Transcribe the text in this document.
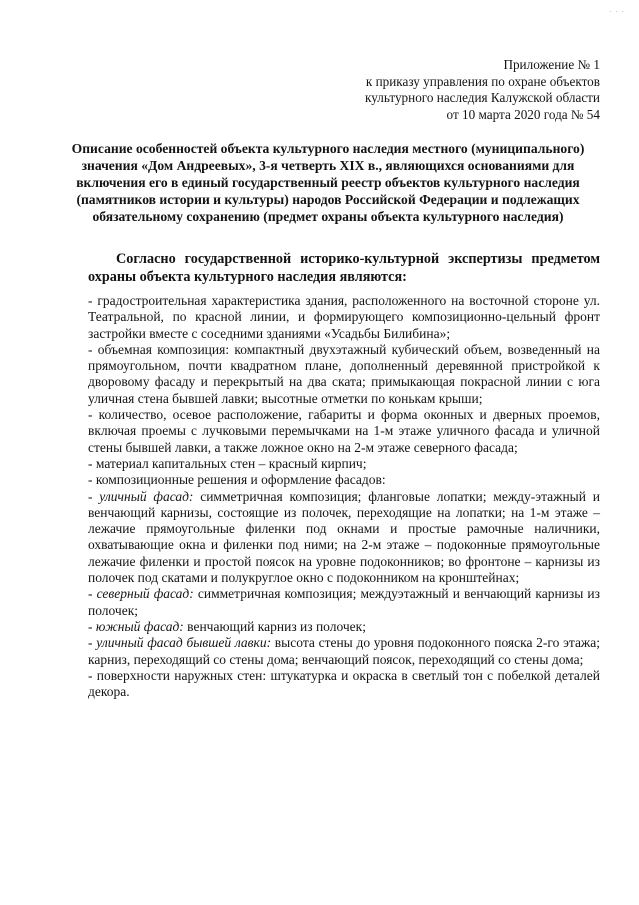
· · ·
Приложение № 1
к приказу управления по охране объектов
культурного наследия Калужской области
от 10 марта 2020 года № 54
Описание особенностей объекта культурного наследия местного (муниципального) значения «Дом Андреевых», 3-я четверть XIX в., являющихся основаниями для включения его в единый государственный реестр объектов культурного наследия (памятников истории и культуры) народов Российской Федерации и подлежащих обязательному сохранению (предмет охраны объекта культурного наследия)
Согласно государственной историко-культурной экспертизы предметом охраны объекта культурного наследия являются:

- градостроительная характеристика здания, расположенного на восточной стороне ул. Театральной, по красной линии, и формирующего композиционно-цельный фронт застройки вместе с соседними зданиями «Усадьбы Билибина»;

- объемная композиция: компактный двухэтажный кубический объем, возведенный на прямоугольном, почти квадратном плане, дополненный деревянной пристройкой к дворовому фасаду и перекрытый на два ската; примыкающая покрасной линии с юга уличная стена бывшей лавки; высотные отметки по конькам крыши;

- количество, осевое расположение, габариты и форма оконных и дверных проемов, включая проемы с лучковыми перемычками на 1-м этаже уличного фасада и уличной стены бывшей лавки, а также ложное окно на 2-м этаже северного фасада;

- материал капитальных стен – красный кирпич;

- композиционные решения и оформление фасадов:

- уличный фасад: симметричная композиция; фланговые лопатки; между-этажный и венчающий карнизы, состоящие из полочек, переходящие на лопатки; на 1-м этаже – лежачие прямоугольные филенки под окнами и простые рамочные наличники, охватывающие окна и филенки под ними; на 2-м этаже – подоконные прямоугольные лежачие филенки и простой поясок на уровне подоконников; во фронтоне – карнизы из полочек под скатами и полукруглое окно с подоконником на кронштейнах;

- северный фасад: симметричная композиция; междуэтажный и венчающий карнизы из полочек;

- южный фасад: венчающий карниз из полочек;

- уличный фасад бывшей лавки: высота стены до уровня подоконного пояска 2-го этажа; карниз, переходящий со стены дома; венчающий поясок, переходящий со стены дома;

- поверхности наружных стен: штукатурка и окраска в светлый тон с побелкой деталей декора.
